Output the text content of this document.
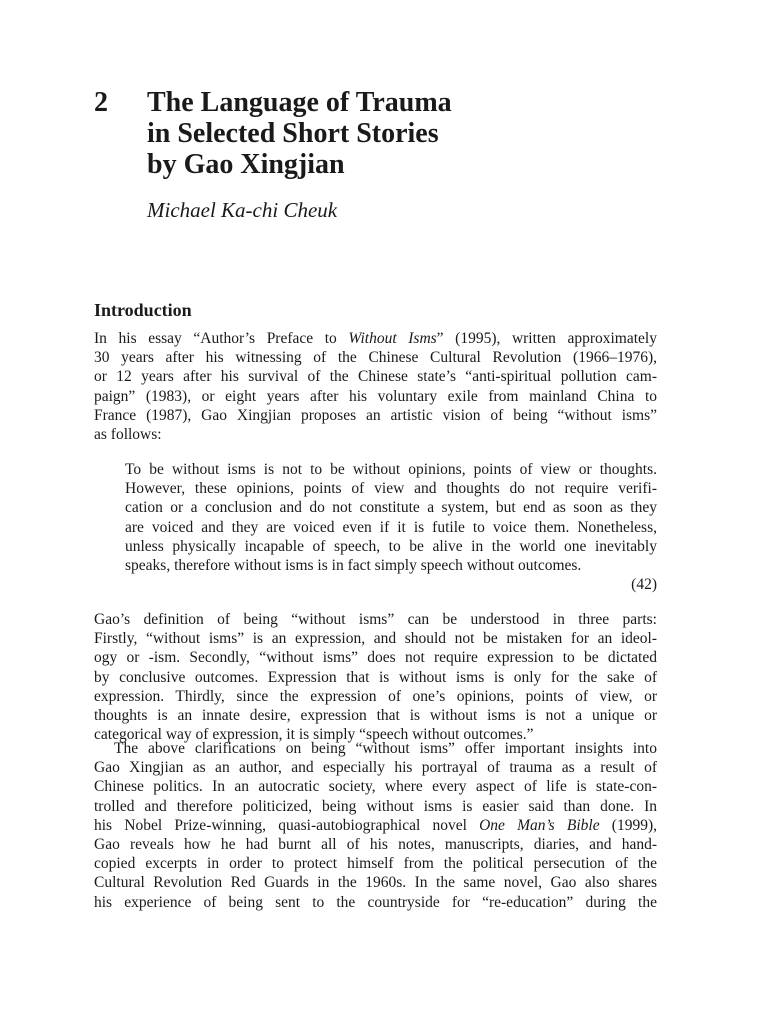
2 The Language of Trauma
in Selected Short Stories
by Gao Xingjian
Michael Ka-chi Cheuk
Introduction
In his essay “Author’s Preface to Without Isms” (1995), written approximately
30 years after his witnessing of the Chinese Cultural Revolution (1966–1976),
or 12 years after his survival of the Chinese state’s “anti-spiritual pollution cam-
paign” (1983), or eight years after his voluntary exile from mainland China to
France (1987), Gao Xingjian proposes an artistic vision of being “without isms”
as follows:
To be without isms is not to be without opinions, points of view or thoughts.
However, these opinions, points of view and thoughts do not require verifi-
cation or a conclusion and do not constitute a system, but end as soon as they
are voiced and they are voiced even if it is futile to voice them. Nonetheless,
unless physically incapable of speech, to be alive in the world one inevitably
speaks, therefore without isms is in fact simply speech without outcomes.
(42)
Gao’s definition of being “without isms” can be understood in three parts:
Firstly, “without isms” is an expression, and should not be mistaken for an ideol-
ogy or -ism. Secondly, “without isms” does not require expression to be dictated
by conclusive outcomes. Expression that is without isms is only for the sake of
expression. Thirdly, since the expression of one’s opinions, points of view, or
thoughts is an innate desire, expression that is without isms is not a unique or
categorical way of expression, it is simply “speech without outcomes.”
The above clarifications on being “without isms” offer important insights into
Gao Xingjian as an author, and especially his portrayal of trauma as a result of
Chinese politics. In an autocratic society, where every aspect of life is state-con-
trolled and therefore politicized, being without isms is easier said than done. In
his Nobel Prize-winning, quasi-autobiographical novel One Man’s Bible (1999),
Gao reveals how he had burnt all of his notes, manuscripts, diaries, and hand-
copied excerpts in order to protect himself from the political persecution of the
Cultural Revolution Red Guards in the 1960s. In the same novel, Gao also shares
his experience of being sent to the countryside for “re-education” during the
